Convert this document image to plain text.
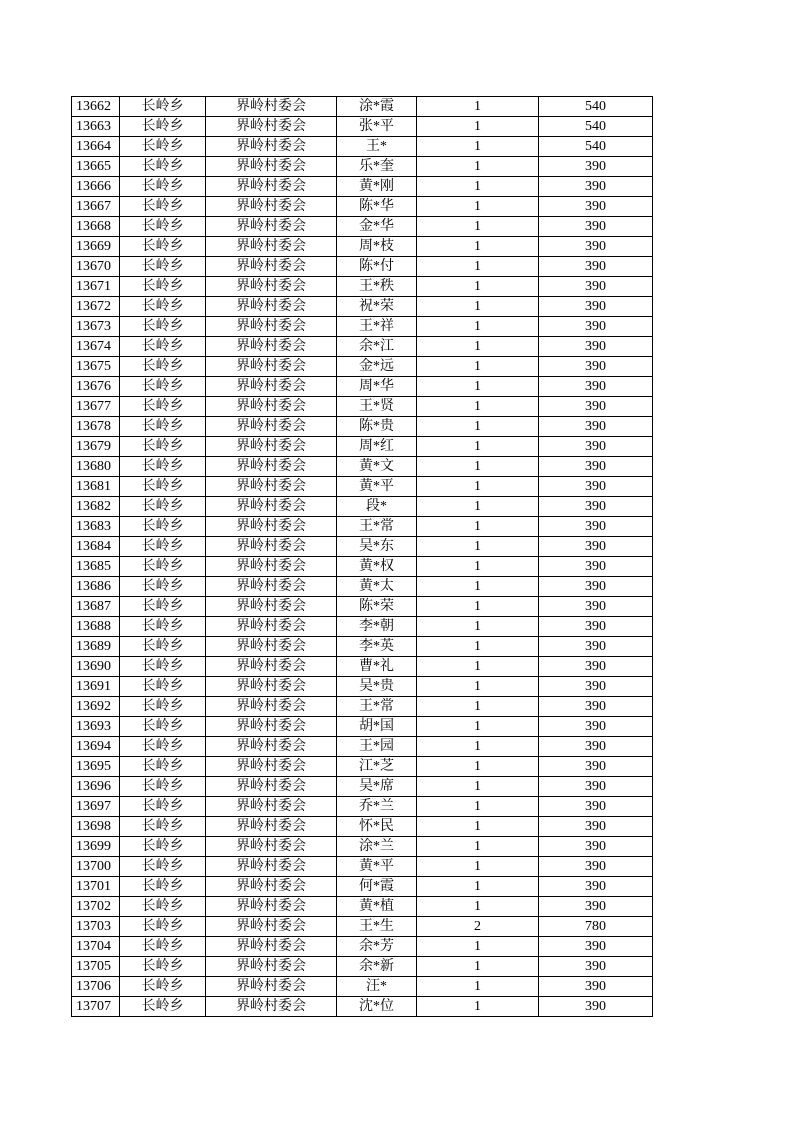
13662	长岭乡	界岭村委会	涂*霞	1	540
13663	长岭乡	界岭村委会	张*平	1	540
13664	长岭乡	界岭村委会	王*	1	540
13665	长岭乡	界岭村委会	乐*奎	1	390
13666	长岭乡	界岭村委会	黄*刚	1	390
13667	长岭乡	界岭村委会	陈*华	1	390
13668	长岭乡	界岭村委会	金*华	1	390
13669	长岭乡	界岭村委会	周*枝	1	390
13670	长岭乡	界岭村委会	陈*付	1	390
13671	长岭乡	界岭村委会	王*秩	1	390
13672	长岭乡	界岭村委会	祝*荣	1	390
13673	长岭乡	界岭村委会	王*祥	1	390
13674	长岭乡	界岭村委会	余*江	1	390
13675	长岭乡	界岭村委会	金*远	1	390
13676	长岭乡	界岭村委会	周*华	1	390
13677	长岭乡	界岭村委会	王*贤	1	390
13678	长岭乡	界岭村委会	陈*贵	1	390
13679	长岭乡	界岭村委会	周*红	1	390
13680	长岭乡	界岭村委会	黄*文	1	390
13681	长岭乡	界岭村委会	黄*平	1	390
13682	长岭乡	界岭村委会	段*	1	390
13683	长岭乡	界岭村委会	王*常	1	390
13684	长岭乡	界岭村委会	吴*东	1	390
13685	长岭乡	界岭村委会	黄*权	1	390
13686	长岭乡	界岭村委会	黄*太	1	390
13687	长岭乡	界岭村委会	陈*荣	1	390
13688	长岭乡	界岭村委会	李*朝	1	390
13689	长岭乡	界岭村委会	李*英	1	390
13690	长岭乡	界岭村委会	曹*礼	1	390
13691	长岭乡	界岭村委会	吴*贵	1	390
13692	长岭乡	界岭村委会	王*常	1	390
13693	长岭乡	界岭村委会	胡*国	1	390
13694	长岭乡	界岭村委会	王*园	1	390
13695	长岭乡	界岭村委会	江*芝	1	390
13696	长岭乡	界岭村委会	吴*席	1	390
13697	长岭乡	界岭村委会	乔*兰	1	390
13698	长岭乡	界岭村委会	怀*民	1	390
13699	长岭乡	界岭村委会	涂*兰	1	390
13700	长岭乡	界岭村委会	黄*平	1	390
13701	长岭乡	界岭村委会	何*霞	1	390
13702	长岭乡	界岭村委会	黄*植	1	390
13703	长岭乡	界岭村委会	王*生	2	780
13704	长岭乡	界岭村委会	余*芳	1	390
13705	长岭乡	界岭村委会	余*新	1	390
13706	长岭乡	界岭村委会	汪*	1	390
13707	长岭乡	界岭村委会	沈*位	1	390
